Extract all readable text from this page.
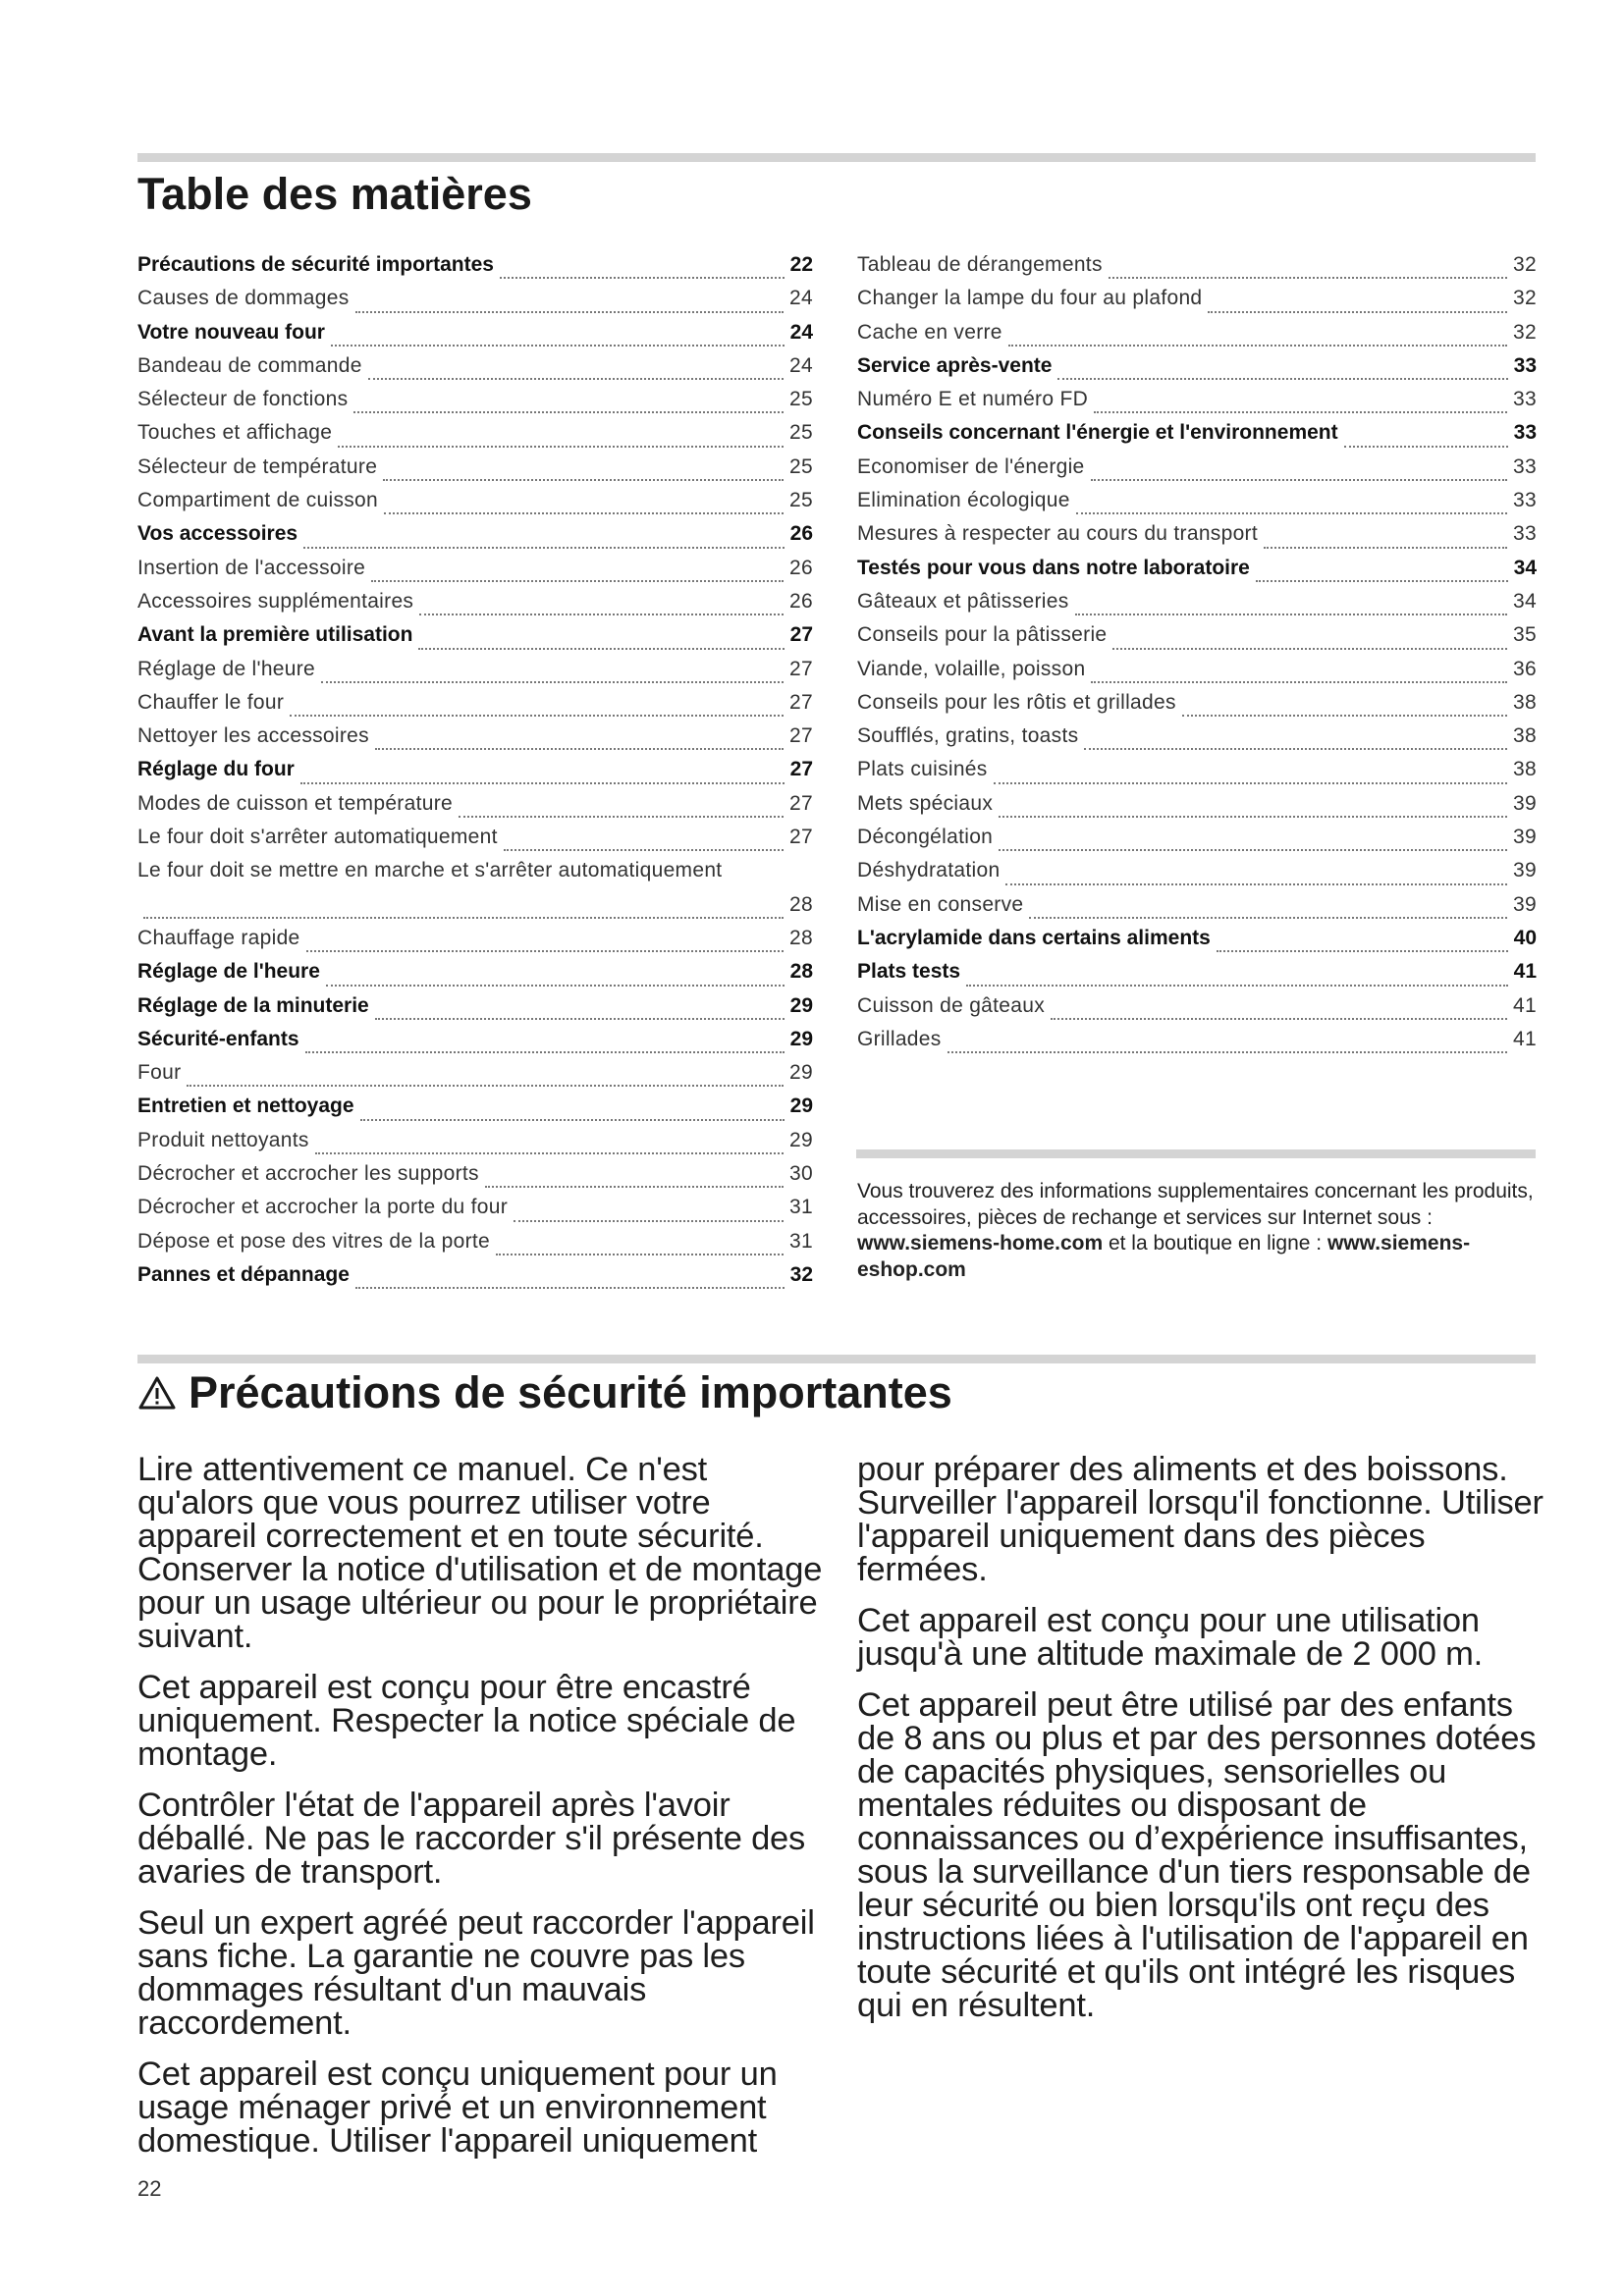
Table des matières
Précautions de sécurité importantes	22
Causes de dommages	24
Votre nouveau four	24
Bandeau de commande	24
Sélecteur de fonctions	25
Touches et affichage	25
Sélecteur de température	25
Compartiment de cuisson	25
Vos accessoires	26
Insertion de l'accessoire	26
Accessoires supplémentaires	26
Avant la première utilisation	27
Réglage de l'heure	27
Chauffer le four	27
Nettoyer les accessoires	27
Réglage du four	27
Modes de cuisson et température	27
Le four doit s'arrêter automatiquement	27
Le four doit se mettre en marche et s'arrêter automatiquement
28
Chauffage rapide	28
Réglage de l'heure	28
Réglage de la minuterie	29
Sécurité-enfants	29
Four	29
Entretien et nettoyage	29
Produit nettoyants	29
Décrocher et accrocher les supports	30
Décrocher et accrocher la porte du four	31
Dépose et pose des vitres de la porte	31
Pannes et dépannage	32
Tableau de dérangements	32
Changer la lampe du four au plafond	32
Cache en verre	32
Service après-vente	33
Numéro E et numéro FD	33
Conseils concernant l'énergie et l'environnement	33
Economiser de l'énergie	33
Elimination écologique	33
Mesures à respecter au cours du transport	33
Testés pour vous dans notre laboratoire	34
Gâteaux et pâtisseries	34
Conseils pour la pâtisserie	35
Viande, volaille, poisson	36
Conseils pour les rôtis et grillades	38
Soufflés, gratins, toasts	38
Plats cuisinés	38
Mets spéciaux	39
Décongélation	39
Déshydratation	39
Mise en conserve	39
L'acrylamide dans certains aliments	40
Plats tests	41
Cuisson de gâteaux	41
Grillades	41
Vous trouverez des informations supplementaires concernant les produits, accessoires, pièces de rechange et services sur Internet sous : www.siemens-home.com et la boutique en ligne : www.siemens-eshop.com
Précautions de sécurité importantes

Lire attentivement ce manuel. Ce n'est qu'alors que vous pourrez utiliser votre appareil correctement et en toute sécurité. Conserver la notice d'utilisation et de montage pour un usage ultérieur ou pour le propriétaire suivant.

Cet appareil est conçu pour être encastré uniquement. Respecter la notice spéciale de montage.

Contrôler l'état de l'appareil après l'avoir déballé. Ne pas le raccorder s'il présente des avaries de transport.

Seul un expert agréé peut raccorder l'appareil sans fiche. La garantie ne couvre pas les dommages résultant d'un mauvais raccordement.

Cet appareil est conçu uniquement pour un usage ménager privé et un environnement domestique. Utiliser l'appareil uniquement

pour préparer des aliments et des boissons. Surveiller l'appareil lorsqu'il fonctionne. Utiliser l'appareil uniquement dans des pièces fermées.

Cet appareil est conçu pour une utilisation jusqu'à une altitude maximale de 2 000 m.

Cet appareil peut être utilisé par des enfants de 8 ans ou plus et par des personnes dotées de capacités physiques, sensorielles ou mentales réduites ou disposant de connaissances ou d’expérience insuffisantes, sous la surveillance d'un tiers responsable de leur sécurité ou bien lorsqu'ils ont reçu des instructions liées à l'utilisation de l'appareil en toute sécurité et qu'ils ont intégré les risques qui en résultent.

22
